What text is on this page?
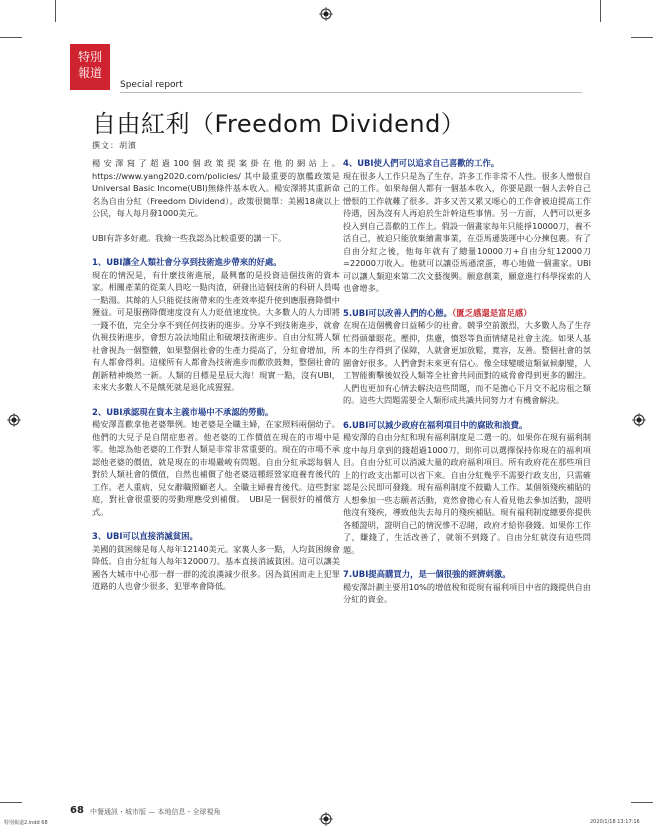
特別
報道
Special report
自由紅利（Freedom Dividend）
撰文：胡濱

楊安澤寫了超過100個政策提案掛在他的網站上。https://www.yang2020.com/policies/ 其中最重要的旗艦政策是Universal Basic Income(UBI)無條件基本收入。楊安澤將其重新命名為自由分紅（Freedom Dividend）。政策很簡單：美國18歲以上公民，每人每月發1000美元。

UBI有許多好處。我撿一些我認為比較重要的講一下。

1、UBI讓全人類社會分享到技術進步帶來的好處。

現在的情況是，有什麼技術進展，最興奮的是投資這個技術的資本家。相關產業的從業人員吃一點肉渣，研發出這個技術的科研人員喝一點湯。其餘的人只能從技術帶來的生產效率提升使到應服務降價中獲益。可是服務降價速度沒有人力貶值速度快。大多數人的人力即將一錢不值，完全分享不到任何技術的進步。分享不到技術進步，就會仇視技術進步，會想方設法地阻止和破壞技術進步。自由分紅將人類社會視為一個整體，如果整個社會的生產力提高了，分紅會增加，所有人都會得利。這樣所有人都會為技術進步而歡欣鼓舞，整個社會的創新精神煥然一新。人類的目標是星辰大海！現實一點，沒有UBI，未來大多數人不是餓死就是退化成猩猩。

2、UBI承認現在資本主義市場中不承認的勞動。

楊安澤喜歡拿他老婆舉例。她老婆是全職主婦，在家照料兩個幼子。他們的大兒子是自閉症患者。他老婆的工作價值在現在的市場中是零。他認為他老婆的工作對人類是非常非常重要的。現在的市場不承認他老婆的價值，就是現在的市場嚴峻有問題。自由分紅承認每個人對於人類社會的價值，自然也補償了他老婆這種經營家庭養育後代的工作。老人重病，兒女辭職照顧老人。全職主婦養育後代。這些對家庭，對社會很重要的勞動理應受到補償。　UBI是一個很好的補償方式。

3、UBI可以直接消滅貧困。

美國的貧困線是每人每年12140美元。家裏人多一點，人均貧困線會降低。自由分紅每人每年12000刀。基本直接消滅貧困。這可以讓美國各大城市中心那一群一群的流浪漢減少很多。因為貧困而走上犯罪道路的人也會少很多，犯罪率會降低。

4、UBI使人們可以追求自己喜歡的工作。

現在很多人工作只是為了生存。許多工作非常不人性。很多人憎恨自己的工作。如果每個人都有一個基本收入，你要是跟一個人去幹自己憎恨的工作就難了很多。許多又苦又累又噁心的工作會被迫提高工作待遇，因為沒有人再迫於生計幹這些事情。另一方面，人們可以更多投入到自己喜歡的工作上。假設一個畫家每年只能掙10000刀，養不活自己，被迫只能放棄繪畫事業，在亞馬遜裝運中心分揀包裹。有了自由分紅之後，他每年就有了總量10000刀+自由分紅12000刀=22000刀收入。他就可以讓亞馬遜滾蛋，專心地做一個畫家。UBI可以讓人類迎來第二次文藝復興。願意創業，願意進行科學探索的人也會增多。

5.UBI可以改善人們的心態。（匱乏感還是富足感）

在現在這個機會日益稀少的社會。競爭空前激烈，大多數人為了生存忙得頭暈眼花。壓抑，焦慮，憤怒等負面情緒是社會主流。如果人基本的生存得到了保障，人就會更加放鬆，寬容，友善。整個社會的氛圍會好很多。人們會對未來更有信心。像全球變暖這類氣候劇變，人工智能衝擊後奴役人類等全社會共同面對的威脅會得到更多的關注。人們也更加有心情去解決這些問題，而不是擔心下月交不起房租之類的。這些大問題需要全人類形成共識共同努力才有機會解決。

6.UBI可以減少政府在福利項目中的腐敗和浪費。

楊安澤的自由分紅和現有福利制度是二選一的。如果你在現有福利制度中每月拿到的錢超過1000刀，則你可以選擇保持你現在的福利項目。自由分紅可以消滅大量的政府福利項目。所有政府花在那些項目上的行政支出都可以省下來。自由分紅幾乎不需要行政支出，只需確認是公民即可發錢。現有福利制度不鼓勵人工作。某個領殘疾補貼的人想參加一些志願者活動，竟然會擔心有人看見他去參加活動，證明他沒有殘疾，導致他失去每月的殘疾補貼。現有福利制度總要你提供各種證明，證明自己的情況慘不忍睹，政府才給你發錢。如果你工作了，賺錢了，生活改善了，就領不到錢了。自由分紅就沒有這些問題。

7.UBI提高購買力，是一個很強的經濟刺激。

楊安澤計劃主要用10%的增值稅和從現有福利項目中省的錢提供自由分紅的資金。

68 中餐通訊・城市版 — 本地信息・全球視角
特別報道2.indd 68	2020/1/18 13:17:16
